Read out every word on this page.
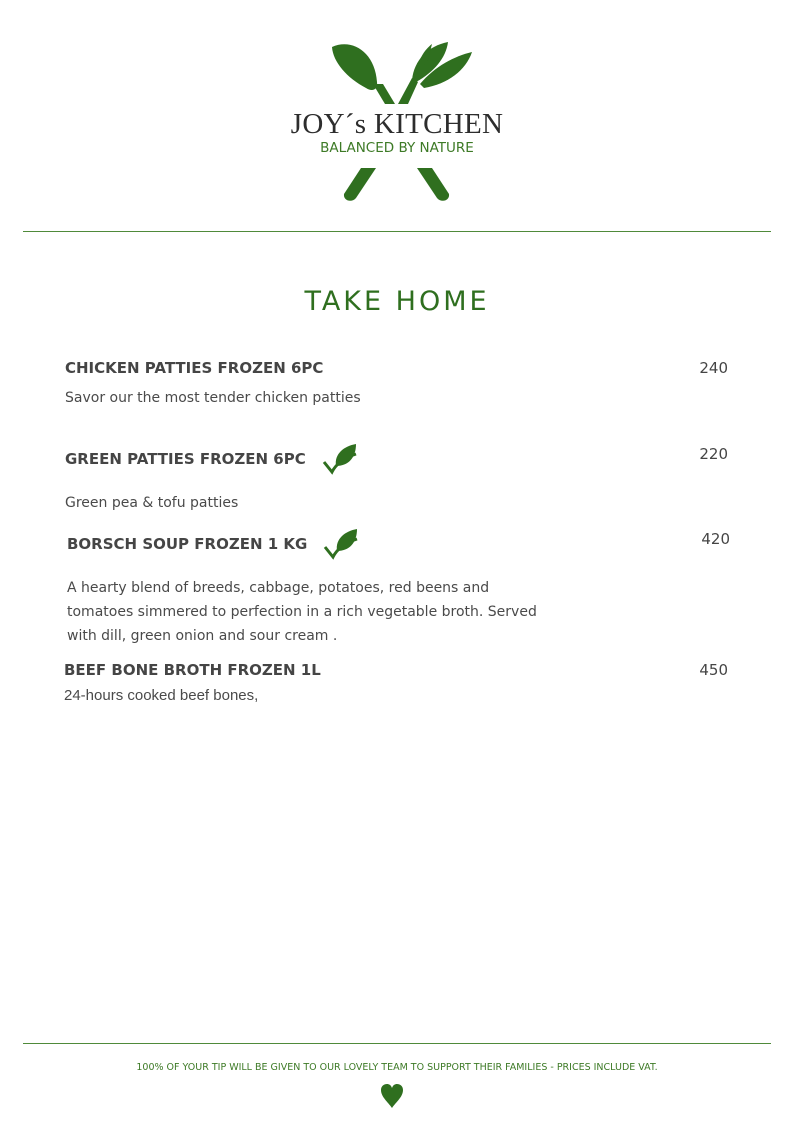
JOY´s KITCHEN
BALANCED BY NATURE
TAKE HOME
CHICKEN PATTIES FROZEN 6PC	240
Savor our the most tender chicken patties
GREEN PATTIES FROZEN 6PC	220
Green pea & tofu patties
BORSCH SOUP FROZEN 1 KG	420
A hearty blend of breeds, cabbage, potatoes, red beens and tomatoes simmered to perfection in a rich vegetable broth. Served with dill, green onion and sour cream .
BEEF BONE BROTH FROZEN 1L	450
24-hours cooked beef bones,
100% OF YOUR TIP WILL BE GIVEN TO OUR LOVELY TEAM TO SUPPORT THEIR FAMILIES - PRICES INCLUDE VAT.
